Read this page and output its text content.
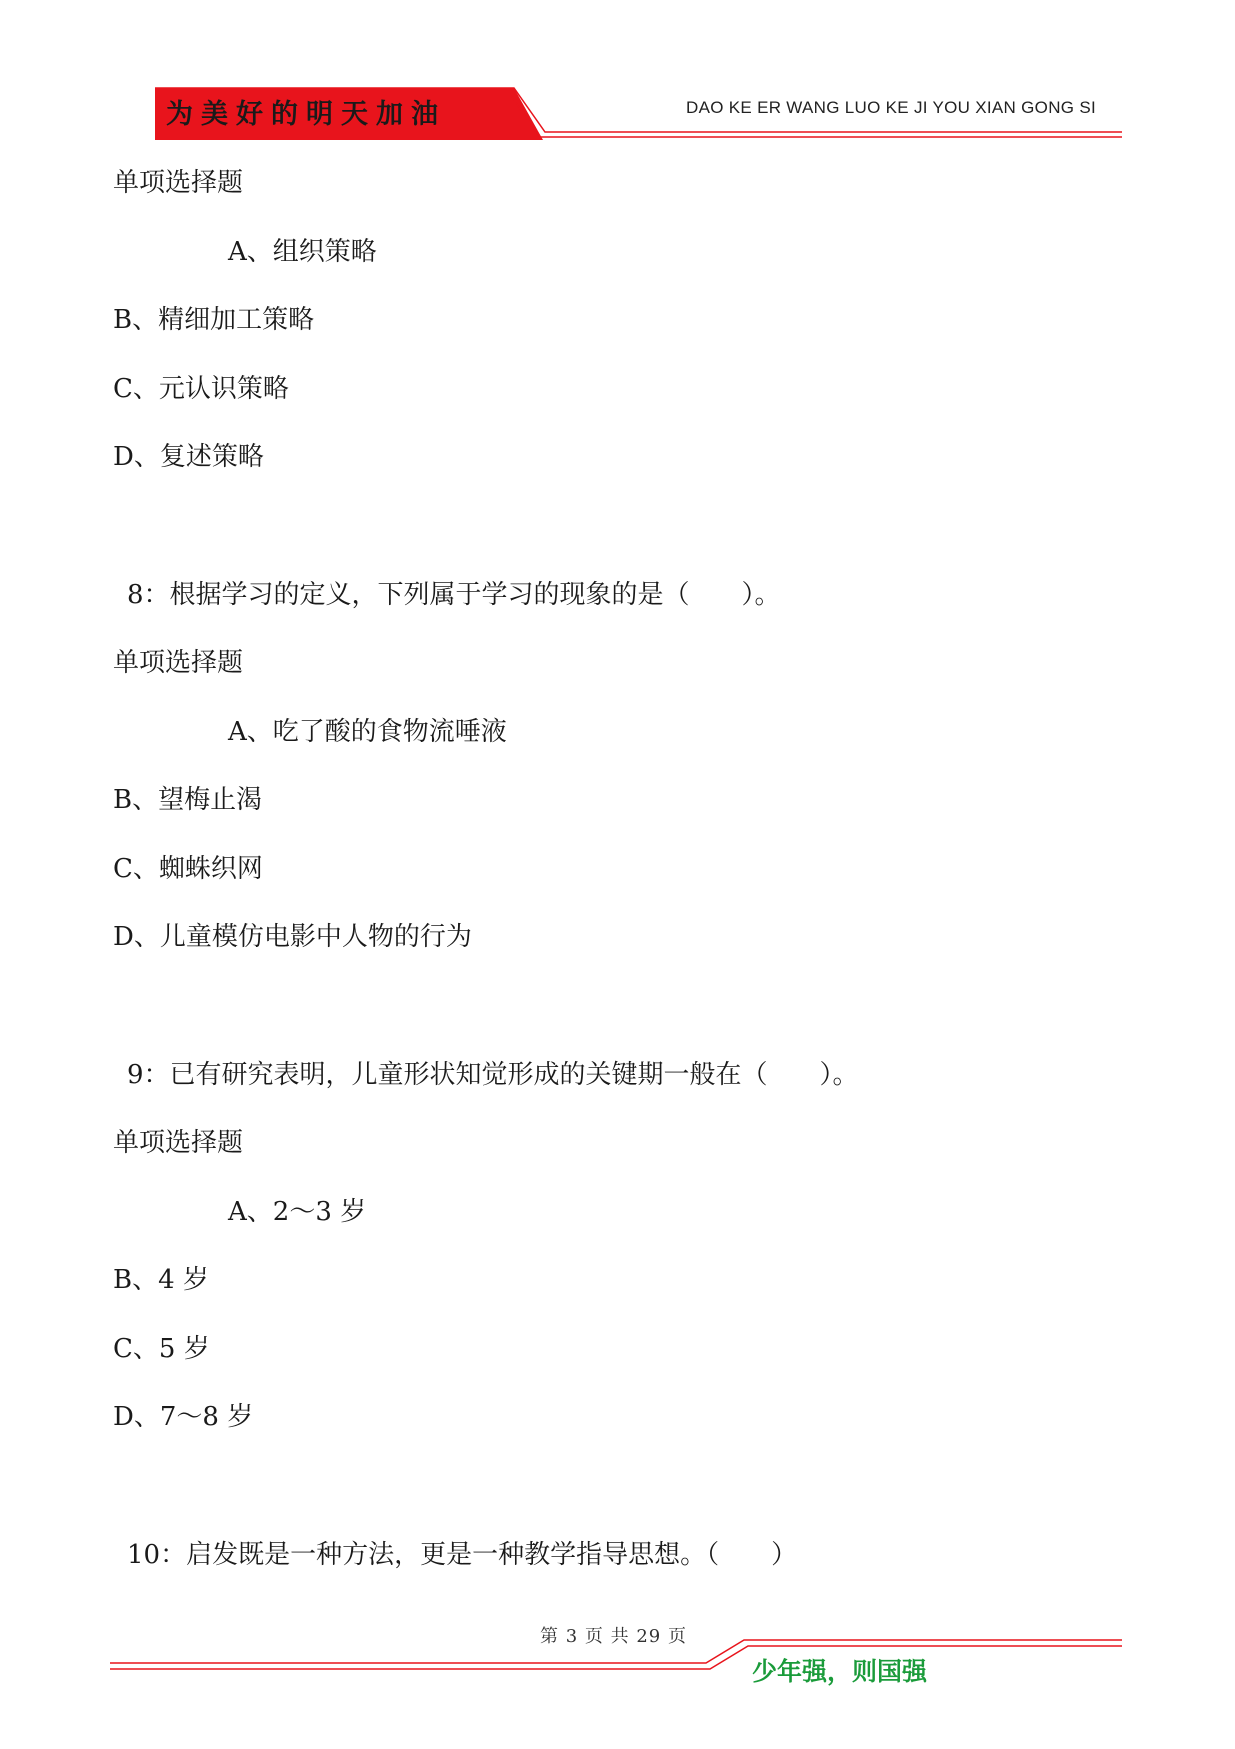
为美好的明天加油	DAO KE ER WANG LUO KE JI YOU XIAN GONG SI
单项选择题
A、组织策略
B、精细加工策略
C、元认识策略
D、复述策略
8：根据学习的定义，下列属于学习的现象的是（　　）。
单项选择题
A、吃了酸的食物流唾液
B、望梅止渴
C、蜘蛛织网
D、儿童模仿电影中人物的行为
9：已有研究表明，儿童形状知觉形成的关键期一般在（　　）。
单项选择题
A、2～3 岁
B、4 岁
C、5 岁
D、7～8 岁
10：启发既是一种方法，更是一种教学指导思想。（　　）
第 3 页 共 29 页
少年强，则国强
